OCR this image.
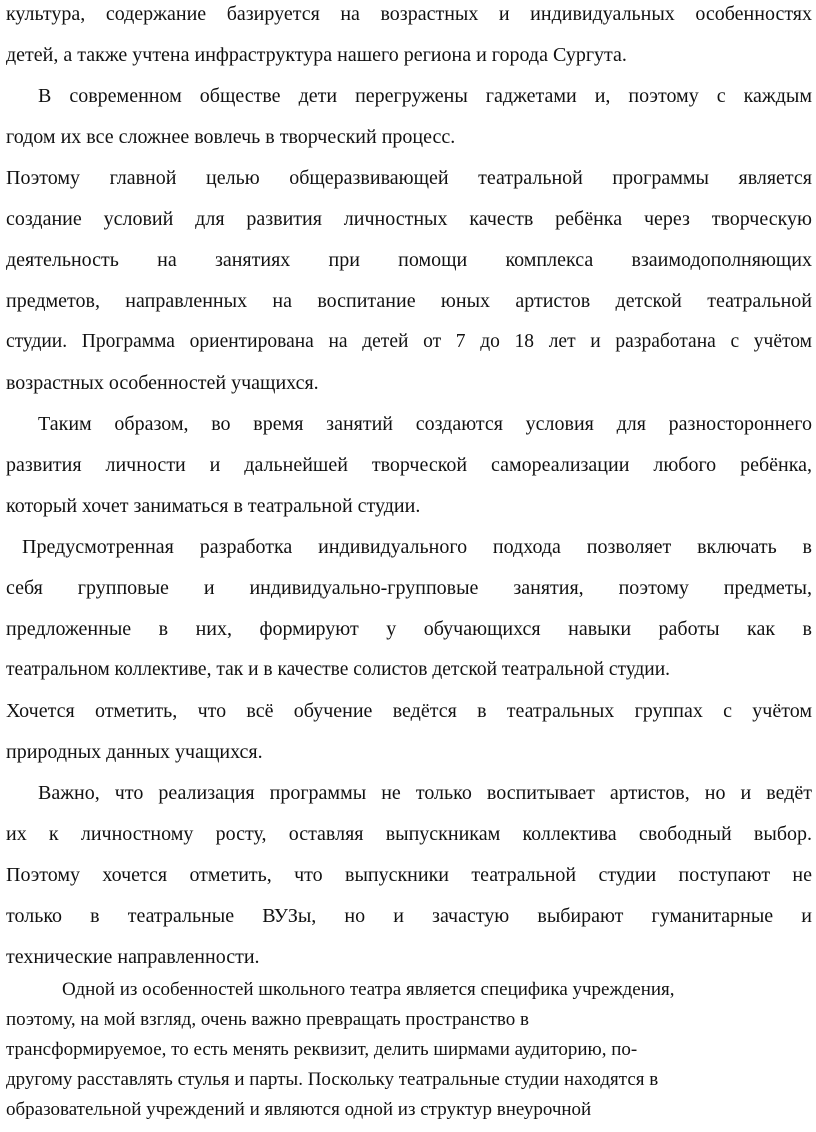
культура, содержание базируется на возрастных и индивидуальных особенностях
детей, а также учтена инфраструктура нашего региона и города Сургута.
В современном обществе дети перегружены гаджетами и, поэтому с каждым
годом их все сложнее вовлечь в творческий процесс.
Поэтому главной целью общеразвивающей театральной программы является
создание условий для развития личностных качеств ребёнка через творческую
деятельность на занятиях при помощи комплекса взаимодополняющих
предметов, направленных на воспитание юных артистов детской театральной
студии. Программа ориентирована на детей от 7 до 18 лет и разработана с учётом
возрастных особенностей учащихся.
Таким образом, во время занятий создаются условия для разностороннего
развития личности и дальнейшей творческой самореализации любого ребёнка,
который хочет заниматься в театральной студии.
Предусмотренная разработка индивидуального подхода позволяет включать в
себя групповые и индивидуально-групповые занятия, поэтому предметы,
предложенные в них, формируют у обучающихся навыки работы как в
театральном коллективе, так и в качестве солистов детской театральной студии.
Хочется отметить, что всё обучение ведётся в театральных группах с учётом
природных данных учащихся.
Важно, что реализация программы не только воспитывает артистов, но и ведёт
их к личностному росту, оставляя выпускникам коллектива свободный выбор.
Поэтому хочется отметить, что выпускники театральной студии поступают не
только в театральные ВУЗы, но и зачастую выбирают гуманитарные и
технические направленности.
Одной из особенностей школьного театра является специфика учреждения,
поэтому, на мой взгляд, очень важно превращать пространство в
трансформируемое, то есть менять реквизит, делить ширмами аудиторию, по-
другому расставлять стулья и парты. Поскольку театральные студии находятся в
образовательной учреждений и являются одной из структур внеурочной
